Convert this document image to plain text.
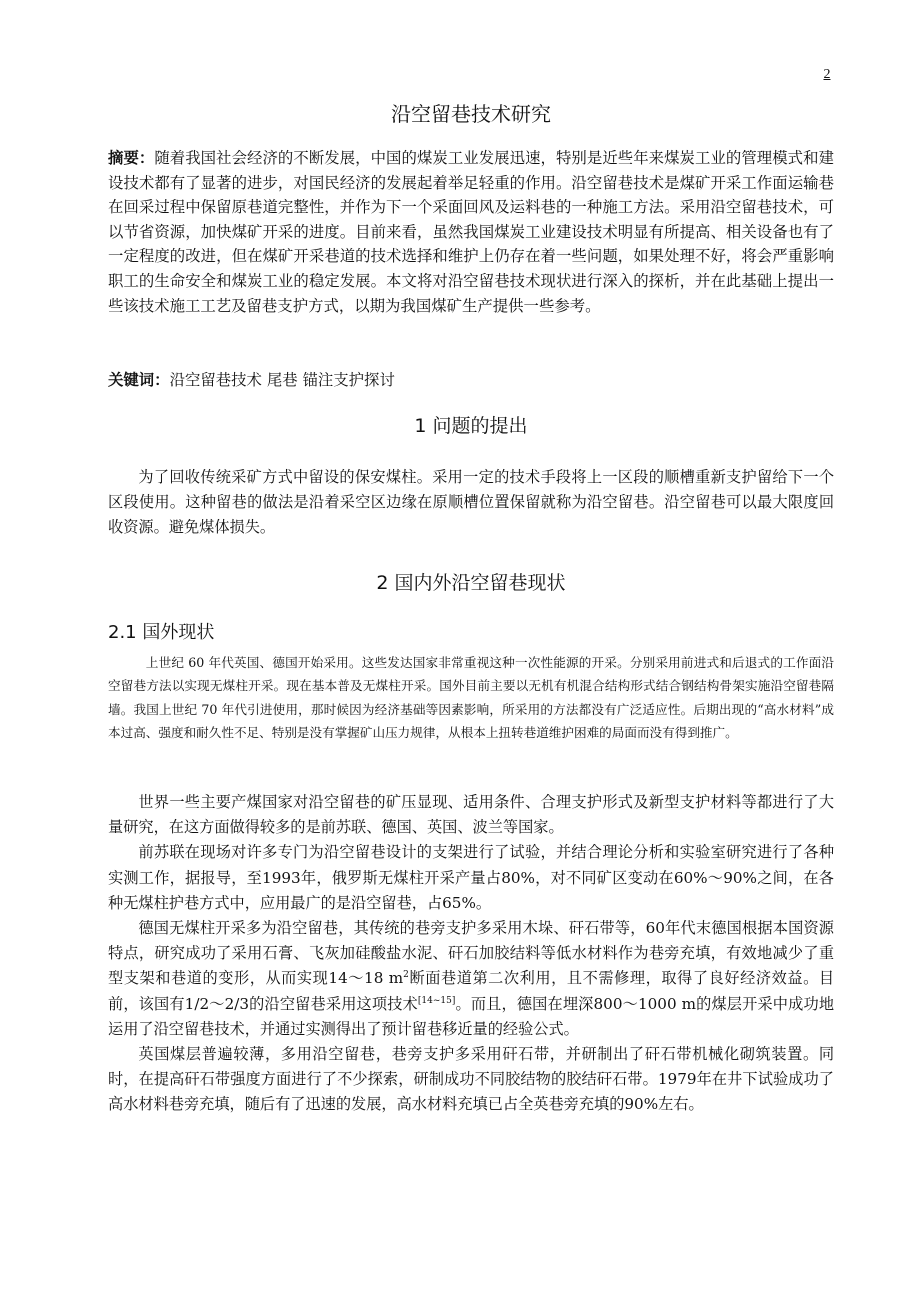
2
沿空留巷技术研究
摘要：随着我国社会经济的不断发展，中国的煤炭工业发展迅速，特别是近些年来煤炭工业的管理模式和建设技术都有了显著的进步，对国民经济的发展起着举足轻重的作用。沿空留巷技术是煤矿开采工作面运输巷在回采过程中保留原巷道完整性，并作为下一个采面回风及运料巷的一种施工方法。采用沿空留巷技术，可以节省资源，加快煤矿开采的进度。目前来看，虽然我国煤炭工业建设技术明显有所提高、相关设备也有了一定程度的改进，但在煤矿开采巷道的技术选择和维护上仍存在着一些问题，如果处理不好，将会严重影响职工的生命安全和煤炭工业的稳定发展。本文将对沿空留巷技术现状进行深入的探析，并在此基础上提出一些该技术施工工艺及留巷支护方式，以期为我国煤矿生产提供一些参考。
关键词：沿空留巷技术 尾巷 锚注支护探讨
1 问题的提出

为了回收传统采矿方式中留设的保安煤柱。采用一定的技术手段将上一区段的顺槽重新支护留给下一个区段使用。这种留巷的做法是沿着采空区边缘在原顺槽位置保留就称为沿空留巷。沿空留巷可以最大限度回收资源。避免煤体损失。

2 国内外沿空留巷现状
2.1 国外现状

上世纪 60 年代英国、德国开始采用。这些发达国家非常重视这种一次性能源的开采。分别采用前进式和后退式的工作面沿空留巷方法以实现无煤柱开采。现在基本普及无煤柱开采。国外目前主要以无机有机混合结构形式结合钢结构骨架实施沿空留巷隔墙。我国上世纪 70 年代引进使用，那时候因为经济基础等因素影响，所采用的方法都没有广泛适应性。后期出现的“高水材料”成本过高、强度和耐久性不足、特别是没有掌握矿山压力规律，从根本上扭转巷道维护困难的局面而没有得到推广。

世界一些主要产煤国家对沿空留巷的矿压显现、适用条件、合理支护形式及新型支护材料等都进行了大量研究，在这方面做得较多的是前苏联、德国、英国、波兰等国家。

前苏联在现场对许多专门为沿空留巷设计的支架进行了试验，并结合理论分析和实验室研究进行了各种实测工作，据报导，至1993年，俄罗斯无煤柱开采产量占80%，对不同矿区变动在60%～90%之间，在各种无煤柱护巷方式中，应用最广的是沿空留巷，占65%。

德国无煤柱开采多为沿空留巷，其传统的巷旁支护多采用木垛、矸石带等，60年代末德国根据本国资源特点，研究成功了采用石膏、飞灰加硅酸盐水泥、矸石加胶结料等低水材料作为巷旁充填，有效地减少了重型支架和巷道的变形，从而实现14～18 $m^2$断面巷道第二次利用，且不需修理，取得了良好经济效益。目前，该国有1/2～2/3的沿空留巷采用这项技术[14~15]。而且，德国在埋深800～1000 m的煤层开采中成功地运用了沿空留巷技术，并通过实测得出了预计留巷移近量的经验公式。

英国煤层普遍较薄，多用沿空留巷，巷旁支护多采用矸石带，并研制出了矸石带机械化砌筑装置。同时，在提高矸石带强度方面进行了不少探索，研制成功不同胶结物的胶结矸石带。1979年在井下试验成功了高水材料巷旁充填，随后有了迅速的发展，高水材料充填已占全英巷旁充填的90%左右。
